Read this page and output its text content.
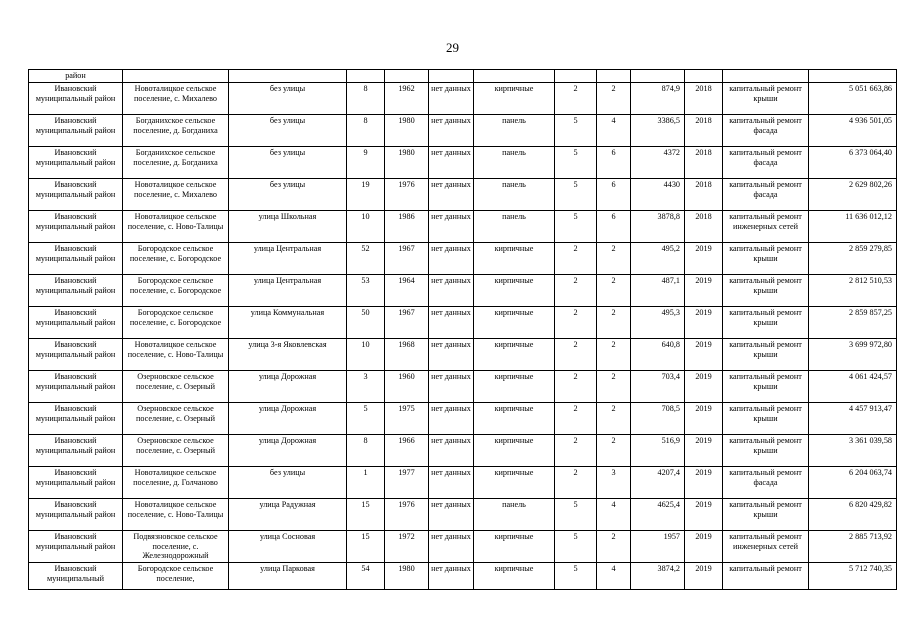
29
район												
Ивановский муниципальный район	Новоталицкое сельское поселение, с. Михалево	без улицы	8	1962	нет данных	кирпичные	2	2	874,9	2018	капитальный ремонт крыши	5 051 663,86
Ивановский муниципальный район	Богданихское сельское поселение, д. Богданиха	без улицы	8	1980	нет данных	панель	5	4	3386,5	2018	капитальный ремонт фасада	4 936 501,05
Ивановский муниципальный район	Богданихское сельское поселение, д. Богданиха	без улицы	9	1980	нет данных	панель	5	6	4372	2018	капитальный ремонт фасада	6 373 064,40
Ивановский муниципальный район	Новоталицкое сельское поселение, с. Михалево	без улицы	19	1976	нет данных	панель	5	6	4430	2018	капитальный ремонт фасада	2 629 802,26
Ивановский муниципальный район	Новоталицкое сельское поселение, с. Ново-Талицы	улица Школьная	10	1986	нет данных	панель	5	6	3878,8	2018	капитальный ремонт инженерных сетей	11 636 012,12
Ивановский муниципальный район	Богородское сельское поселение, с. Богородское	улица Центральная	52	1967	нет данных	кирпичные	2	2	495,2	2019	капитальный ремонт крыши	2 859 279,85
Ивановский муниципальный район	Богородское сельское поселение, с. Богородское	улица Центральная	53	1964	нет данных	кирпичные	2	2	487,1	2019	капитальный ремонт крыши	2 812 510,53
Ивановский муниципальный район	Богородское сельское поселение, с. Богородское	улица Коммунальная	50	1967	нет данных	кирпичные	2	2	495,3	2019	капитальный ремонт крыши	2 859 857,25
Ивановский муниципальный район	Новоталицкое сельское поселение, с. Ново-Талицы	улица 3-я Яковлевская	10	1968	нет данных	кирпичные	2	2	640,8	2019	капитальный ремонт крыши	3 699 972,80
Ивановский муниципальный район	Озерновское сельское поселение, с. Озерный	улица Дорожная	3	1960	нет данных	кирпичные	2	2	703,4	2019	капитальный ремонт крыши	4 061 424,57
Ивановский муниципальный район	Озерновское сельское поселение, с. Озерный	улица Дорожная	5	1975	нет данных	кирпичные	2	2	708,5	2019	капитальный ремонт крыши	4 457 913,47
Ивановский муниципальный район	Озерновское сельское поселение, с. Озерный	улица Дорожная	8	1966	нет данных	кирпичные	2	2	516,9	2019	капитальный ремонт крыши	3 361 039,58
Ивановский муниципальный район	Новоталицкое сельское поселение, д. Голчаново	без улицы	1	1977	нет данных	кирпичные	2	3	4207,4	2019	капитальный ремонт фасада	6 204 063,74
Ивановский муниципальный район	Новоталицкое сельское поселение, с. Ново-Талицы	улица Радужная	15	1976	нет данных	панель	5	4	4625,4	2019	капитальный ремонт крыши	6 820 429,82
Ивановский муниципальный район	Подвязновское сельское поселение, с. Железнодорожный	улица Сосновая	15	1972	нет данных	кирпичные	5	2	1957	2019	капитальный ремонт инженерных сетей	2 885 713,92
Ивановский муниципальный	Богородское сельское поселение,	улица Парковая	54	1980	нет данных	кирпичные	5	4	3874,2	2019	капитальный ремонт	5 712 740,35
